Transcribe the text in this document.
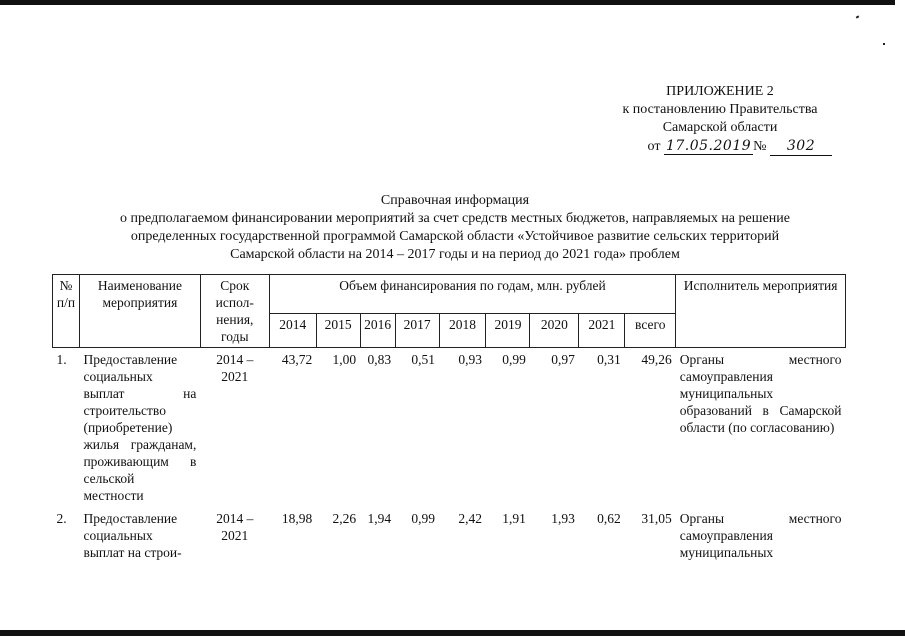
ПРИЛОЖЕНИЕ 2
к постановлению Правительства
Самарской области
от 17.05.2019 № 302
Справочная информация
о предполагаемом финансировании мероприятий за счет средств местных бюджетов, направляемых на решение
определенных государственной программой Самарской области «Устойчивое развитие сельских территорий
Самарской области на 2014 – 2017 годы и на период до 2021 года» проблем
№ п/п	Наименование мероприятия	Срок испол-нения, годы	Объем финансирования по годам, млн. рублей									Исполнитель мероприятия
			2014	2015	2016	2017	2018	2019	2020	2021	всего	
1.	Предоставление социальных выплат на строительство (приобретение) жилья гражданам, проживающим в сельской местности	2014 – 2021	43,72	1,00	0,83	0,51	0,93	0,99	0,97	0,31	49,26	Органы местного самоуправления муниципальных образований в Самарской области (по согласованию)
2.	Предоставление социальных выплат на строи-	2014 – 2021	18,98	2,26	1,94	0,99	2,42	1,91	1,93	0,62	31,05	Органы местного самоуправления муниципальных
